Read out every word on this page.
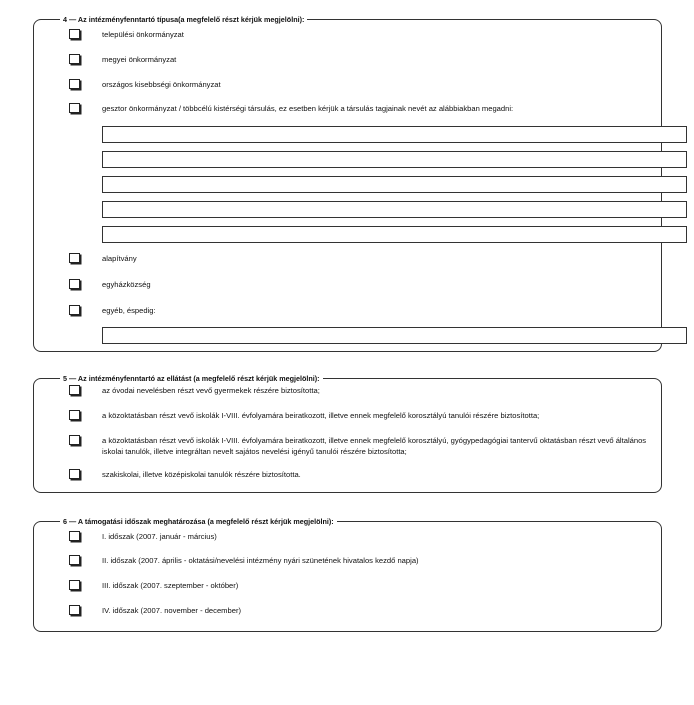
4 — Az intézményfenntartó típusa(a megfelelő részt kérjük megjelölni):
települési önkormányzat
megyei önkormányzat
országos kisebbségi önkormányzat
gesztor önkormányzat / többcélú kistérségi társulás, ez esetben kérjük a társulás tagjainak nevét az alábbiakban megadni:
alapítvány
egyházközség
egyéb, éspedig:
5 — Az intézményfenntartó az ellátást (a megfelelő részt kérjük megjelölni):
az óvodai nevelésben részt vevő gyermekek részére biztosította;
a közoktatásban részt vevő iskolák I-VIII. évfolyamára beiratkozott, illetve ennek megfelelő korosztályú tanulói részére biztosította;
a közoktatásban részt vevő iskolák I-VIII. évfolyamára beiratkozott, illetve ennek megfelelő korosztályú, gyógypedagógiai tantervű oktatásban részt vevő általános iskolai tanulók, illetve integráltan nevelt sajátos nevelési igényű tanulói részére biztosította;
szakiskolai, illetve középiskolai tanulók részére biztosította.
6 — A támogatási időszak meghatározása (a megfelelő részt kérjük megjelölni):
I. időszak (2007. január - március)
II. időszak (2007. április - oktatási/nevelési intézmény nyári szünetének hivatalos kezdő napja)
III. időszak (2007. szeptember - október)
IV. időszak (2007. november - december)
